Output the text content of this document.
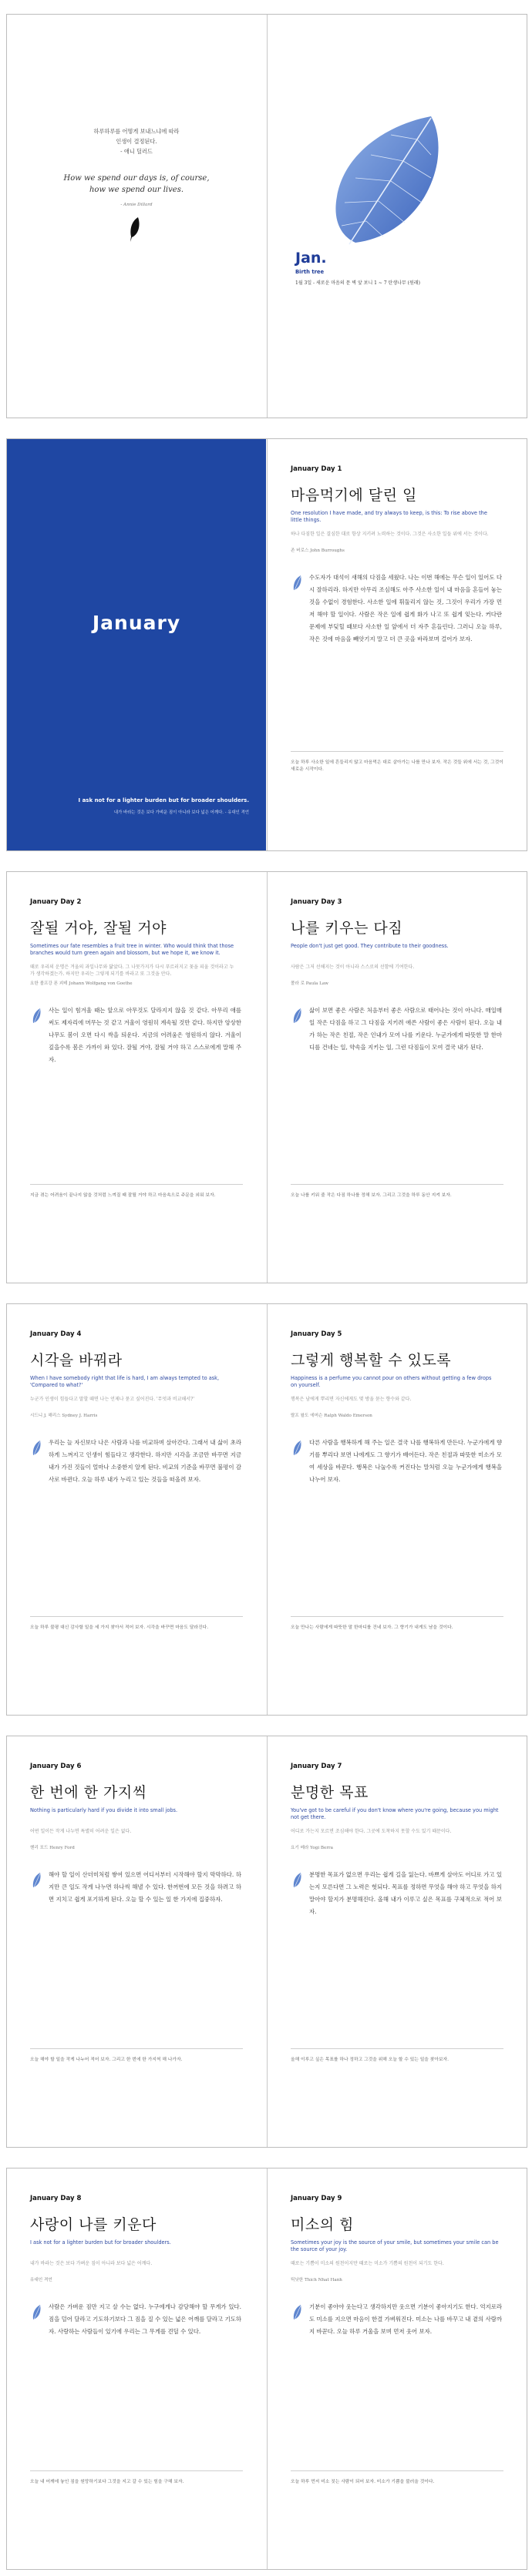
하루하루를 어떻게 보내느냐에 따라
인생이 결정된다.
- 애니 딜러드
How we spend our days is, of course,
how we spend our lives.
- Annie Dillard
Jan.
Birth tree
1월 3일 - 새로운 마음의 문 벽 앞 보니 1 ~ 7 탄생나무 (원래)
January
I ask not for a lighter burden but for broader shoulders.
내가 바라는 것은 보다 가벼운 짐이 아니라 보다 넓은 어깨다. - 유대인 격언
January Day 1
마음먹기에 달린 일
One resolution I have made, and try always to keep, is this: To rise above the little things.
하나 다짐한 일은 결심한 대로 항상 지키려 노력하는 것이다. 그것은 사소한 일들 위에 서는 것이다.
존 버로스 John Burroughs
수도자가 대석이 새해의 다짐을 세웠다. 나는 이번 해에는 무슨 일이 있어도 다시 잘하리라. 하지만 아무리 조심해도 아주 사소한 일이 내 마음을 흔들어 놓는 것을 수없이 경험한다. 사소한 일에 휘둘리지 않는 것, 그것이 우리가 가장 먼저 해야 할 일이다. 사람은 작은 일에 쉽게 화가 나고 또 쉽게 잊는다. 커다란 문제에 부딪힐 때보다 사소한 일 앞에서 더 자주 흔들린다. 그러니 오늘 하루, 작은 것에 마음을 빼앗기지 말고 더 큰 곳을 바라보며 걸어가 보자.
오늘 하루 사소한 일에 흔들리지 않고 마음먹은 대로 살아가는 나를 만나 보자. 작은 것들 위에 서는 것, 그것이 새로운 시작이다.
January Day 2
잘될 거야, 잘될 거야
Sometimes our fate resembles a fruit tree in winter. Who would think that those branches would turn green again and blossom, but we hope it, we know it.
때로 우리의 운명은 겨울의 과일나무와 닮았다. 그 나뭇가지가 다시 푸르러지고 꽃을 피울 것이라고 누가 생각하겠는가. 하지만 우리는 그렇게 되기를 바라고 또 그것을 안다.
요한 볼프강 폰 괴테 Johann Wolfgang von Goethe
사는 일이 힘겨울 때는 앞으로 아무것도 달라지지 않을 것 같다. 아무리 애를 써도 제자리에 머무는 것 같고 겨울이 영원히 계속될 것만 같다. 하지만 앙상한 나무도 봄이 오면 다시 싹을 틔운다. 지금의 어려움은 영원하지 않다. 겨울이 깊을수록 봄은 가까이 와 있다. 잘될 거야, 잘될 거야 하고 스스로에게 말해 주자.
지금 겪는 어려움이 끝나지 않을 것처럼 느껴질 때 잘될 거야 하고 마음속으로 주문을 외워 보자.
January Day 3
나를 키우는 다짐
People don't just get good. They contribute to their goodness.
사람은 그저 선해지는 것이 아니라 스스로의 선함에 기여한다.
폴라 로 Paula Law
삶이 보면 좋은 사람은 처음부터 좋은 사람으로 태어나는 것이 아니다. 매일매일 작은 다짐을 하고 그 다짐을 지키려 애쓴 사람이 좋은 사람이 된다. 오늘 내가 하는 작은 친절, 작은 인내가 모여 나를 키운다. 누군가에게 따뜻한 말 한마디를 건네는 일, 약속을 지키는 일, 그런 다짐들이 모여 결국 내가 된다.
오늘 나를 키워 줄 작은 다짐 하나를 정해 보자. 그리고 그것을 하루 동안 지켜 보자.
January Day 4
시각을 바꿔라
When I have somebody right that life is hard, I am always tempted to ask, 'Compared to what?'
누군가 인생이 힘들다고 말할 때면 나는 언제나 묻고 싶어진다. '무엇과 비교해서?'
시드니 J. 해리스 Sydney J. Harris
우리는 늘 자신보다 나은 사람과 나를 비교하며 살아간다. 그래서 내 삶이 초라하게 느껴지고 인생이 힘들다고 생각한다. 하지만 시각을 조금만 바꾸면 지금 내가 가진 것들이 얼마나 소중한지 알게 된다. 비교의 기준을 바꾸면 불평이 감사로 바뀐다. 오늘 하루 내가 누리고 있는 것들을 떠올려 보자.
오늘 하루 불평 대신 감사할 일을 세 가지 찾아서 적어 보자. 시각을 바꾸면 마음도 달라진다.
January Day 5
그렇게 행복할 수 있도록
Happiness is a perfume you cannot pour on others without getting a few drops on yourself.
행복은 남에게 뿌리면 자신에게도 몇 방울 묻는 향수와 같다.
랄프 왈도 에머슨 Ralph Waldo Emerson
다른 사람을 행복하게 해 주는 일은 결국 나를 행복하게 만든다. 누군가에게 향기를 뿌리다 보면 나에게도 그 향기가 배어든다. 작은 친절과 따뜻한 미소가 모여 세상을 바꾼다. 행복은 나눌수록 커진다는 말처럼 오늘 누군가에게 행복을 나누어 보자.
오늘 만나는 사람에게 따뜻한 말 한마디를 건네 보자. 그 향기가 내게도 남을 것이다.
January Day 6
한 번에 한 가지씩
Nothing is particularly hard if you divide it into small jobs.
어떤 일이든 작게 나누면 특별히 어려운 일은 없다.
헨리 포드 Henry Ford
해야 할 일이 산더미처럼 쌓여 있으면 어디서부터 시작해야 할지 막막하다. 하지만 큰 일도 작게 나누면 하나씩 해낼 수 있다. 한꺼번에 모든 것을 하려고 하면 지치고 쉽게 포기하게 된다. 오늘 할 수 있는 일 한 가지에 집중하자.
오늘 해야 할 일을 작게 나누어 적어 보자. 그리고 한 번에 한 가지씩 해 나가자.
January Day 7
분명한 목표
You've got to be careful if you don't know where you're going, because you might not get there.
어디로 가는지 모르면 조심해야 한다. 그곳에 도착하지 못할 수도 있기 때문이다.
요기 베라 Yogi Berra
분명한 목표가 없으면 우리는 쉽게 길을 잃는다. 바쁘게 살아도 어디로 가고 있는지 모른다면 그 노력은 헛되다. 목표를 정하면 무엇을 해야 하고 무엇을 하지 말아야 할지가 분명해진다. 올해 내가 이루고 싶은 목표를 구체적으로 적어 보자.
올해 이루고 싶은 목표를 하나 정하고 그것을 위해 오늘 할 수 있는 일을 찾아보자.
January Day 8
사랑이 나를 키운다
I ask not for a lighter burden but for broader shoulders.
내가 바라는 것은 보다 가벼운 짐이 아니라 보다 넓은 어깨다.
유대인 격언
사람은 가벼운 짐만 지고 살 수는 없다. 누구에게나 감당해야 할 무게가 있다. 짐을 덜어 달라고 기도하기보다 그 짐을 질 수 있는 넓은 어깨를 달라고 기도하자. 사랑하는 사람들이 있기에 우리는 그 무게를 견딜 수 있다.
오늘 내 어깨에 놓인 짐을 원망하기보다 그것을 지고 갈 수 있는 힘을 구해 보자.
January Day 9
미소의 힘
Sometimes your joy is the source of your smile, but sometimes your smile can be the source of your joy.
때로는 기쁨이 미소의 원천이지만 때로는 미소가 기쁨의 원천이 되기도 한다.
틱낫한 Thich Nhat Hanh
기분이 좋아야 웃는다고 생각하지만 웃으면 기분이 좋아지기도 한다. 억지로라도 미소를 지으면 마음이 한결 가벼워진다. 미소는 나를 바꾸고 내 곁의 사람까지 바꾼다. 오늘 하루 거울을 보며 먼저 웃어 보자.
오늘 하루 먼저 미소 짓는 사람이 되어 보자. 미소가 기쁨을 불러올 것이다.
